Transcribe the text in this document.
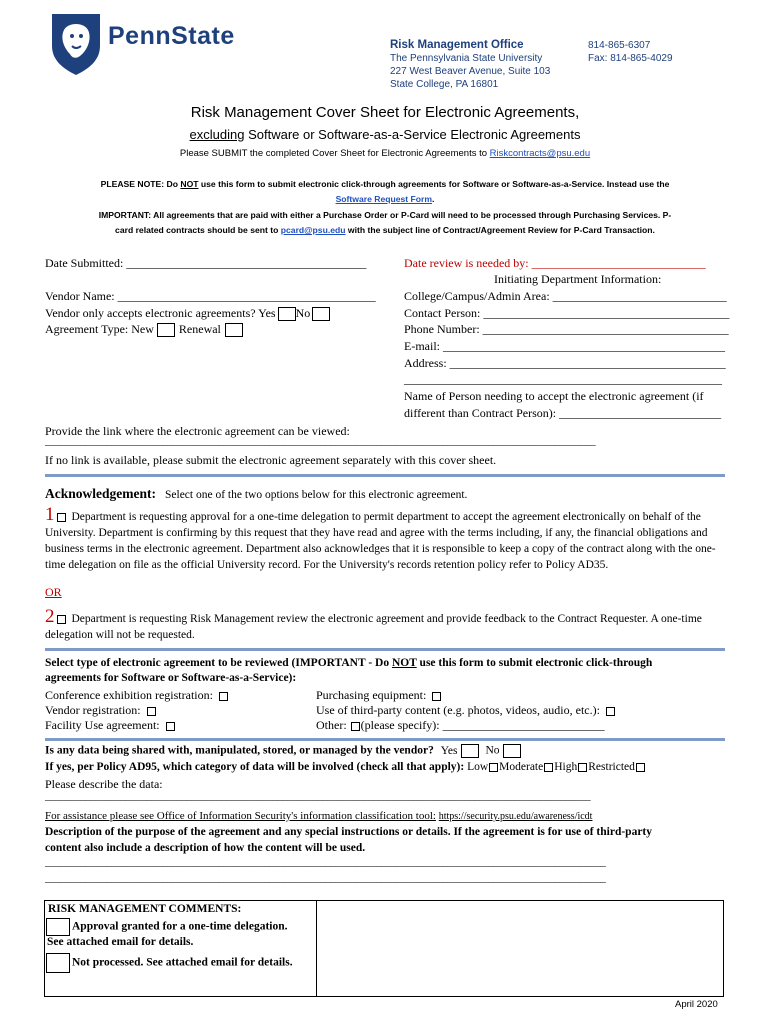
PennState	Risk Management Office
The Pennsylvania State University
227 West Beaver Avenue, Suite 103
State College, PA 16801
814-865-6307
Fax: 814-865-4029
Risk Management Cover Sheet for Electronic Agreements,
excluding Software or Software-as-a-Service Electronic Agreements
Please SUBMIT the completed Cover Sheet for Electronic Agreements to Riskcontracts@psu.edu
PLEASE NOTE: Do NOT use this form to submit electronic click-through agreements for Software or Software-as-a-Service. Instead use the
Software Request Form.
IMPORTANT: All agreements that are paid with either a Purchase Order or P-Card will need to be processed through Purchasing Services. P-
card related contracts should be sent to pcard@psu.edu with the subject line of Contract/Agreement Review for P-Card Transaction.
Date Submitted: ________________________________________
Vendor Name: ___________________________________________
Vendor only accepts electronic agreements? Yes No
Agreement Type: New Renewal
Date review is needed by: _____________________________
Initiating Department Information:
College/Campus/Admin Area: _____________________________
Contact Person: _________________________________________
Phone Number: _________________________________________
E-mail: _______________________________________________
Address: ______________________________________________
_____________________________________________________
Name of Person needing to accept the electronic agreement (if
different than Contract Person): ___________________________
Provide the link where the electronic agreement can be viewed:
____________________________________________________________________________________________________________
If no link is available, please submit the electronic agreement separately with this cover sheet.
Acknowledgement: Select one of the two options below for this electronic agreement.
1 Department is requesting approval for a one-time delegation to permit department to accept the agreement electronically on behalf of the University. Department is confirming by this request that they have read and agree with the terms including, if any, the financial obligations and business terms in the electronic agreement. Department also acknowledges that it is responsible to keep a copy of the contract along with the one-time delegation on file as the official University record. For the University's records retention policy refer to Policy AD35.
OR
2 Department is requesting Risk Management review the electronic agreement and provide feedback to the Contract Requester. A one-time delegation will not be requested.
Select type of electronic agreement to be reviewed (IMPORTANT - Do NOT use this form to submit electronic click-through
agreements for Software or Software-as-a-Service):
Conference exhibition registration:
Vendor registration:
Facility Use agreement:
Purchasing equipment:
Use of third-party content (e.g. photos, videos, audio, etc.):
Other: (please specify): ___________________________
Is any data being shared with, manipulated, stored, or managed by the vendor? Yes No
If yes, per Policy AD95, which category of data will be involved (check all that apply): Low Moderate High Restricted
Please describe the data:
____________________________________________________________________________________________________________
For assistance please see Office of Information Security's information classification tool: https://security.psu.edu/awareness/icdt
Description of the purpose of the agreement and any special instructions or details. If the agreement is for use of third-party
content also include a description of how the content will be used.
______________________________________________________________________________________________________________
______________________________________________________________________________________________________________
RISK MANAGEMENT COMMENTS:
Approval granted for a one-time delegation.
See attached email for details.
Not processed. See attached email for details.
April 2020
